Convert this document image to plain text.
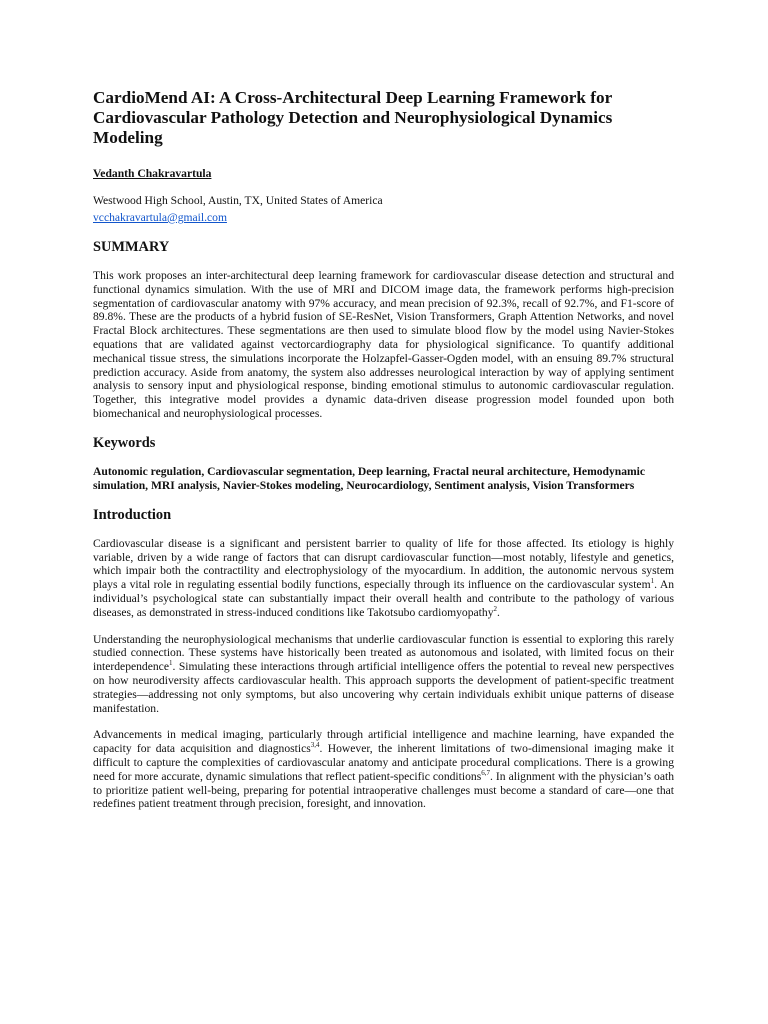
CardioMend AI: A Cross-Architectural Deep Learning Framework for Cardiovascular Pathology Detection and Neurophysiological Dynamics Modeling
Vedanth Chakravartula
Westwood High School, Austin, TX, United States of America
vcchakravartula@gmail.com
SUMMARY

This work proposes an inter-architectural deep learning framework for cardiovascular disease detection and structural and functional dynamics simulation. With the use of MRI and DICOM image data, the framework performs high-precision segmentation of cardiovascular anatomy with 97% accuracy, and mean precision of 92.3%, recall of 92.7%, and F1-score of 89.8%. These are the products of a hybrid fusion of SE-ResNet, Vision Transformers, Graph Attention Networks, and novel Fractal Block architectures. These segmentations are then used to simulate blood flow by the model using Navier-Stokes equations that are validated against vectorcardiography data for physiological significance. To quantify additional mechanical tissue stress, the simulations incorporate the Holzapfel-Gasser-Ogden model, with an ensuing 89.7% structural prediction accuracy. Aside from anatomy, the system also addresses neurological interaction by way of applying sentiment analysis to sensory input and physiological response, binding emotional stimulus to autonomic cardiovascular regulation. Together, this integrative model provides a dynamic data-driven disease progression model founded upon both biomechanical and neurophysiological processes.

Keywords

Autonomic regulation, Cardiovascular segmentation, Deep learning, Fractal neural architecture, Hemodynamic simulation, MRI analysis, Navier-Stokes modeling, Neurocardiology, Sentiment analysis, Vision Transformers

Introduction

Cardiovascular disease is a significant and persistent barrier to quality of life for those affected. Its etiology is highly variable, driven by a wide range of factors that can disrupt cardiovascular function—most notably, lifestyle and genetics, which impair both the contractility and electrophysiology of the myocardium. In addition, the autonomic nervous system plays a vital role in regulating essential bodily functions, especially through its influence on the cardiovascular system$^1$. An individual’s psychological state can substantially impact their overall health and contribute to the pathology of various diseases, as demonstrated in stress-induced conditions like Takotsubo cardiomyopathy$^2$.

Understanding the neurophysiological mechanisms that underlie cardiovascular function is essential to exploring this rarely studied connection. These systems have historically been treated as autonomous and isolated, with limited focus on their interdependence$^1$. Simulating these interactions through artificial intelligence offers the potential to reveal new perspectives on how neurodiversity affects cardiovascular health. This approach supports the development of patient-specific treatment strategies—addressing not only symptoms, but also uncovering why certain individuals exhibit unique patterns of disease manifestation.

Advancements in medical imaging, particularly through artificial intelligence and machine learning, have expanded the capacity for data acquisition and diagnostics$^{3,4}$. However, the inherent limitations of two-dimensional imaging make it difficult to capture the complexities of cardiovascular anatomy and anticipate procedural complications. There is a growing need for more accurate, dynamic simulations that reflect patient-specific conditions$^{6,7}$. In alignment with the physician’s oath to prioritize patient well-being, preparing for potential intraoperative challenges must become a standard of care—one that redefines patient treatment through precision, foresight, and innovation.
